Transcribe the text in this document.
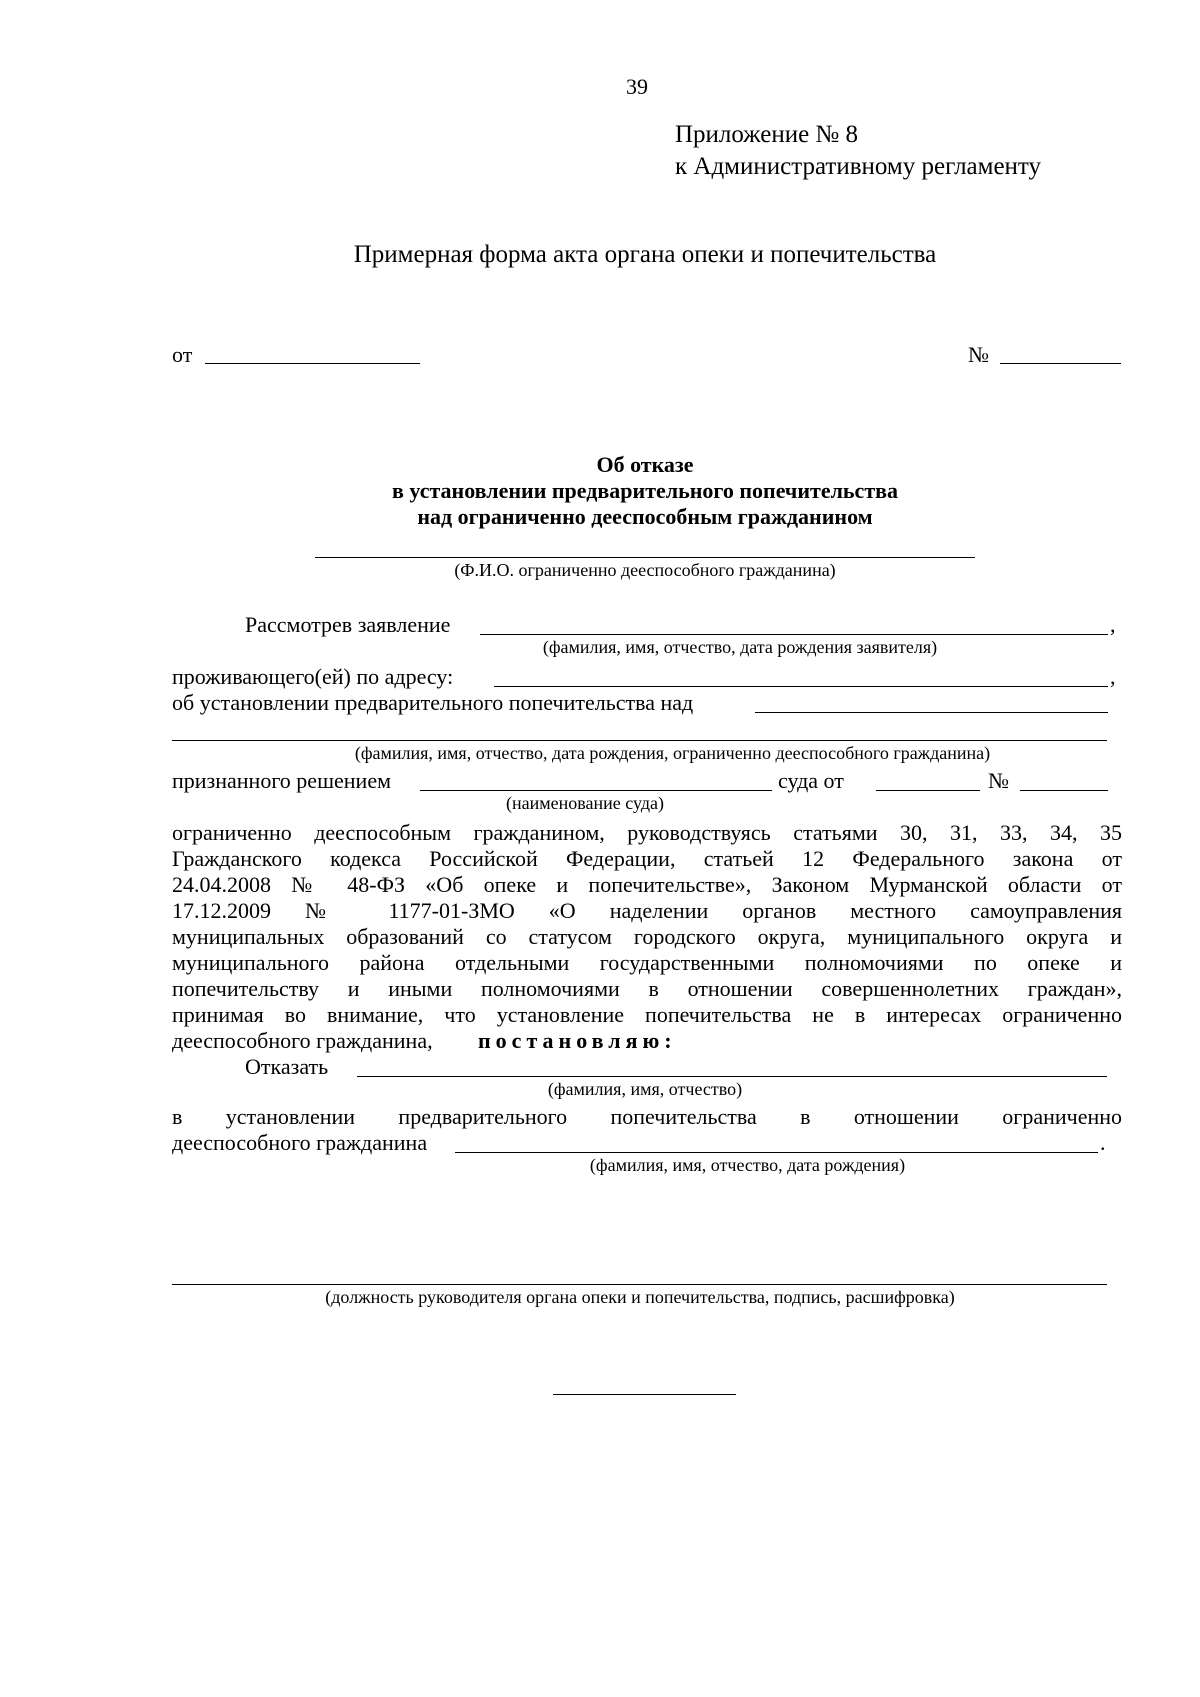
39
Приложение № 8
к Административному регламенту
Примерная форма акта органа опеки и попечительства
от	№
Об отказе
в установлении предварительного попечительства
над ограниченно дееспособным гражданином
(Ф.И.О. ограниченно дееспособного гражданина)
Рассмотрев заявление	,
(фамилия, имя, отчество, дата рождения заявителя)
проживающего(ей) по адресу:	,
об установлении предварительного попечительства над
(фамилия, имя, отчество, дата рождения, ограниченно дееспособного гражданина)
признанного решением	суда от	№
(наименование суда)
ограниченно дееспособным гражданином, руководствуясь статьями 30, 31, 33, 34, 35
Гражданского кодекса Российской Федерации, статьей 12 Федерального закона от
24.04.2008 № 48-ФЗ «Об опеке и попечительстве», Законом Мурманской области от
17.12.2009 № 1177-01-ЗМО «О наделении органов местного самоуправления
муниципальных образований со статусом городского округа, муниципального округа и
муниципального района отдельными государственными полномочиями по опеке и
попечительству и иными полномочиями в отношении совершеннолетних граждан»,
принимая во внимание, что установление попечительства не в интересах ограниченно
дееспособного гражданина, постановляю:
Отказать
(фамилия, имя, отчество)
в установлении предварительного попечительства в отношении ограниченно
дееспособного гражданина	.
(фамилия, имя, отчество, дата рождения)
(должность руководителя органа опеки и попечительства, подпись, расшифровка)
